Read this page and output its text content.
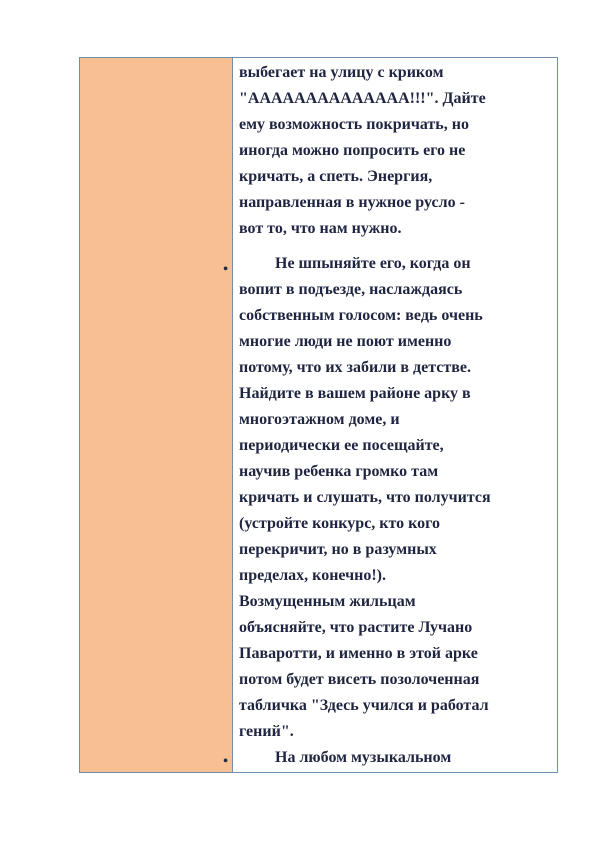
•
•
выбегает на улицу с криком
"АААААААААААААА!!!". Дайте
ему возможность покричать, но
иногда можно попросить его не
кричать, а спеть. Энергия,
направленная в нужное русло -
вот то, что нам нужно.
Не шпыняйте его, когда он
вопит в подъезде, наслаждаясь
собственным голосом: ведь очень
многие люди не поют именно
потому, что их забили в детстве.
Найдите в вашем районе арку в
многоэтажном доме, и
периодически ее посещайте,
научив ребенка громко там
кричать и слушать, что получится
(устройте конкурс, кто кого
перекричит, но в разумных
пределах, конечно!).
Возмущенным жильцам
объясняйте, что растите Лучано
Паваротти, и именно в этой арке
потом будет висеть позолоченная
табличка "Здесь учился и работал
гений".
На любом музыкальном
